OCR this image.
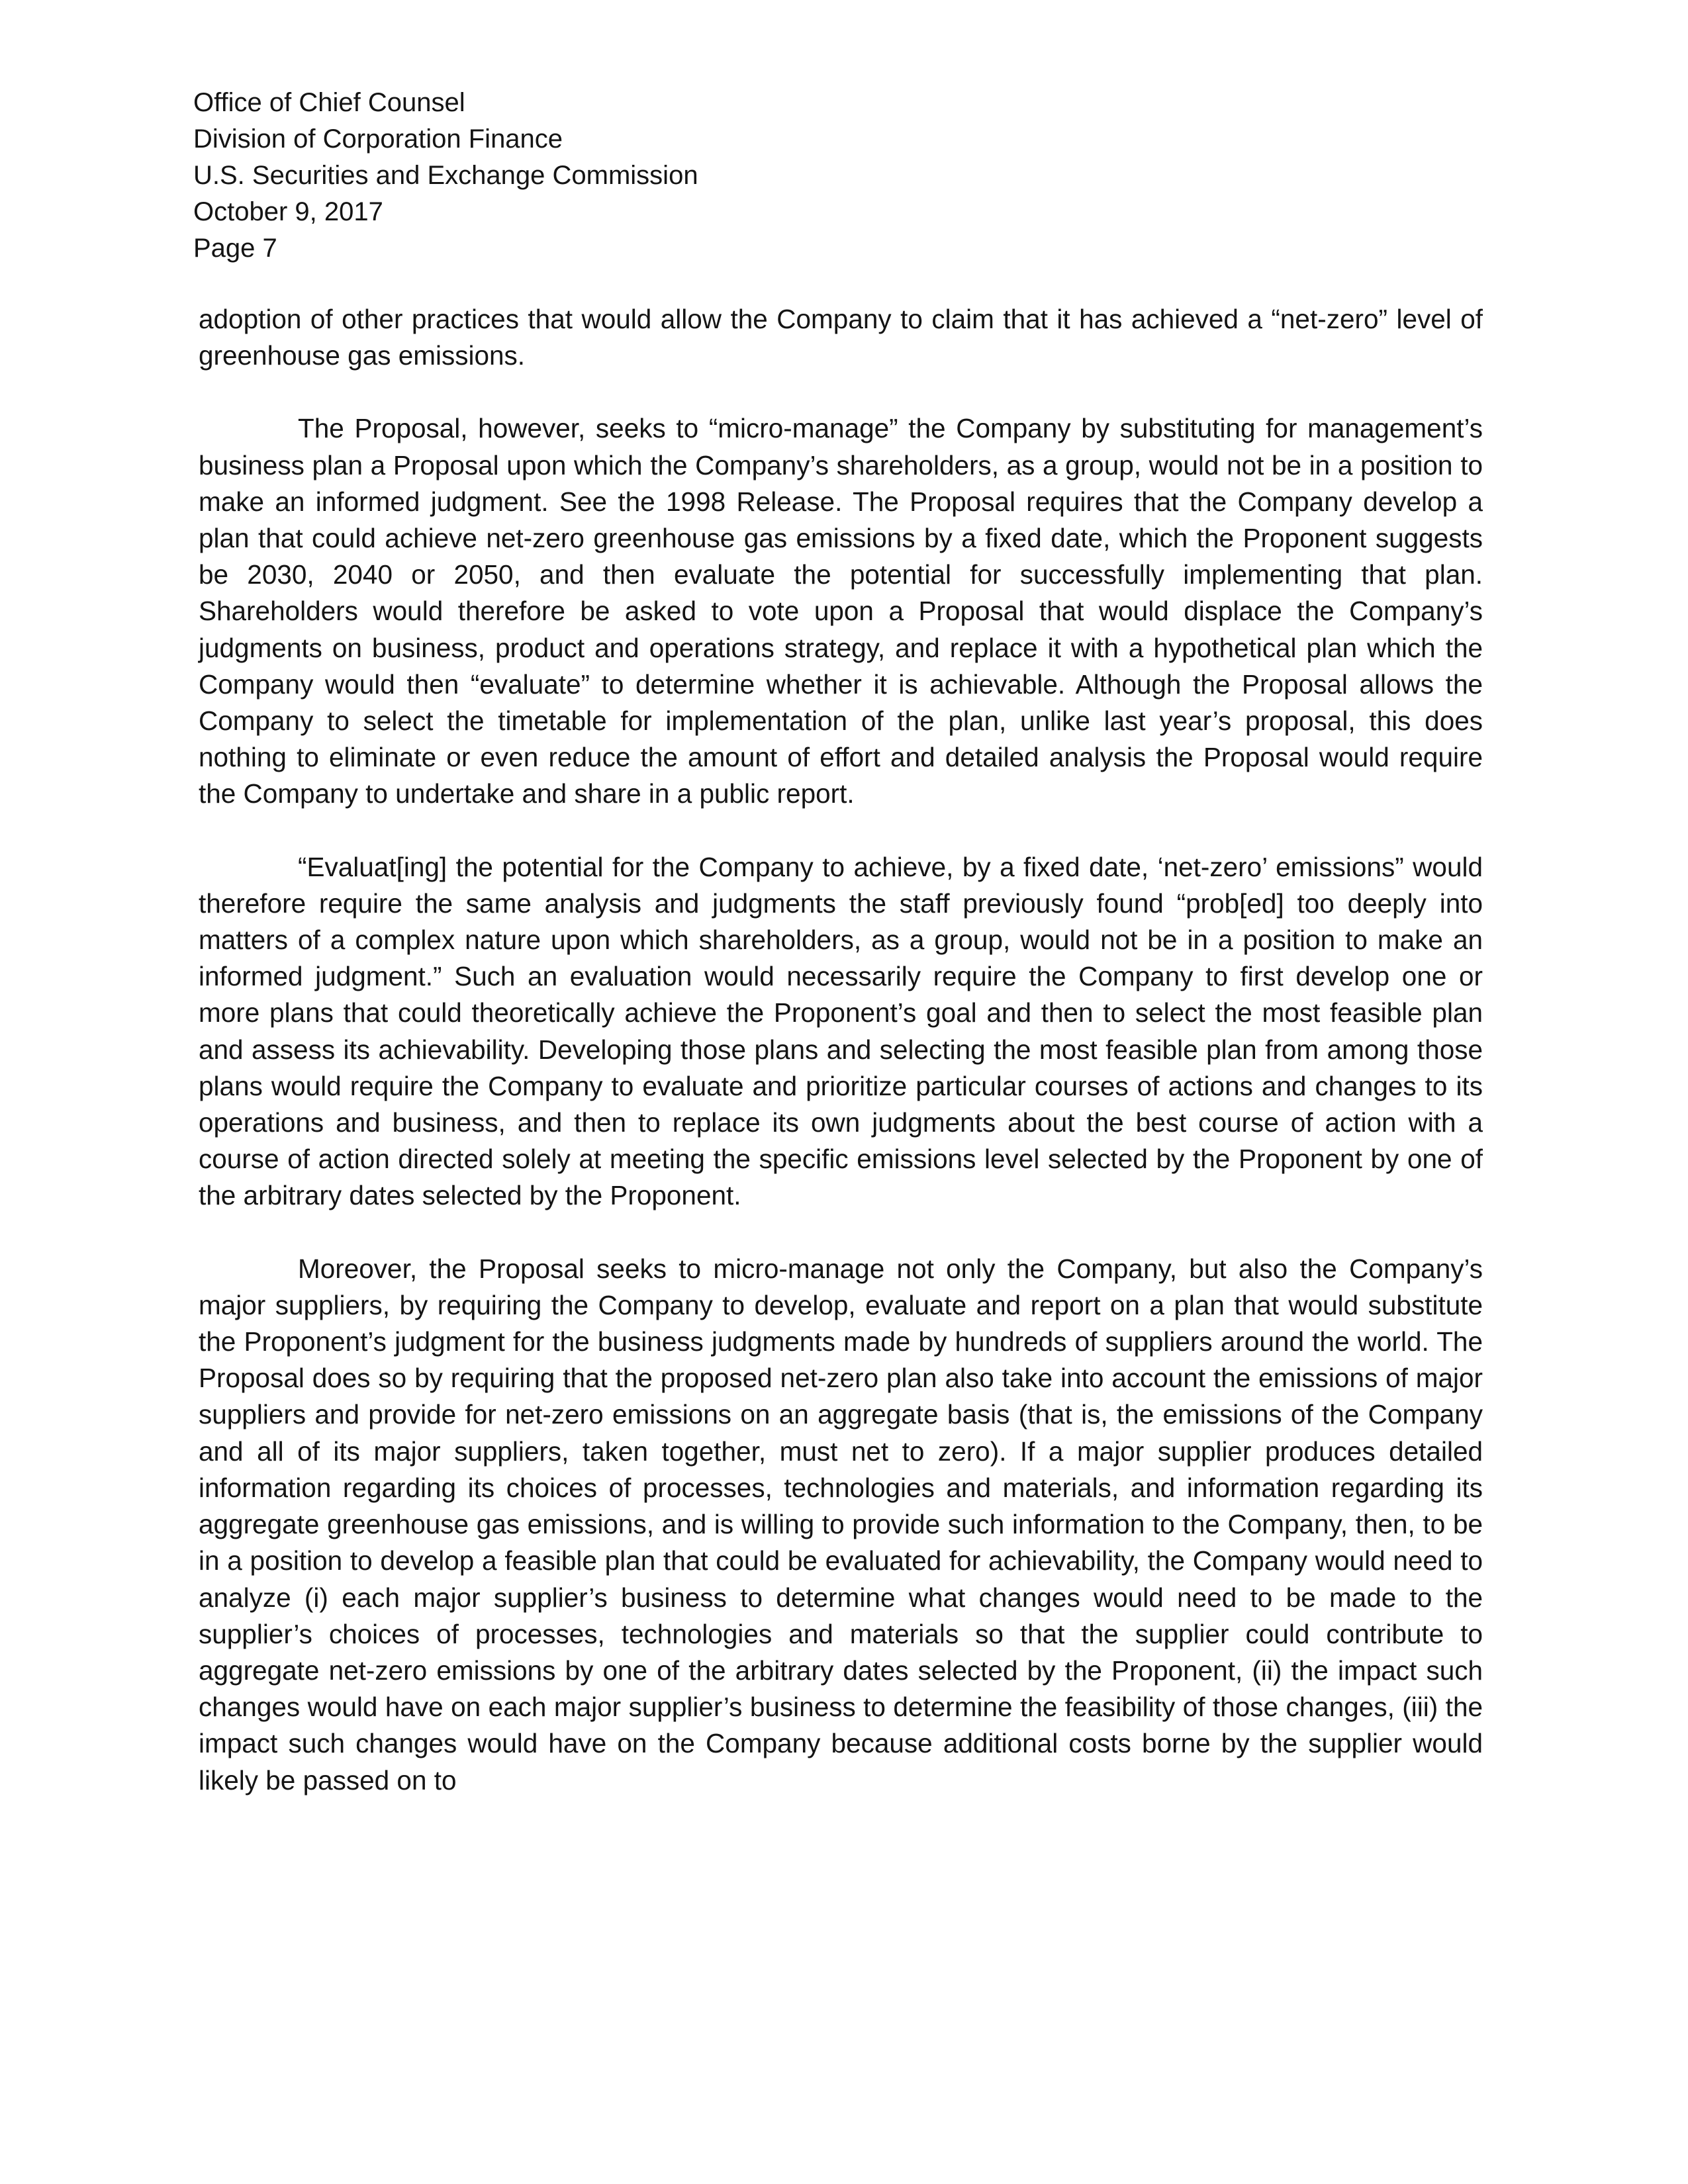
Office of Chief Counsel
Division of Corporation Finance
U.S. Securities and Exchange Commission
October 9, 2017
Page 7

adoption of other practices that would allow the Company to claim that it has achieved a “net-zero” level of greenhouse gas emissions.

The Proposal, however, seeks to “micro-manage” the Company by substituting for management’s business plan a Proposal upon which the Company’s shareholders, as a group, would not be in a position to make an informed judgment. See the 1998 Release. The Proposal requires that the Company develop a plan that could achieve net-zero greenhouse gas emissions by a fixed date, which the Proponent suggests be 2030, 2040 or 2050, and then evaluate the potential for successfully implementing that plan. Shareholders would therefore be asked to vote upon a Proposal that would displace the Company’s judgments on business, product and operations strategy, and replace it with a hypothetical plan which the Company would then “evaluate” to determine whether it is achievable. Although the Proposal allows the Company to select the timetable for implementation of the plan, unlike last year’s proposal, this does nothing to eliminate or even reduce the amount of effort and detailed analysis the Proposal would require the Company to undertake and share in a public report.

“Evaluat[ing] the potential for the Company to achieve, by a fixed date, ‘net-zero’ emissions” would therefore require the same analysis and judgments the staff previously found “prob[ed] too deeply into matters of a complex nature upon which shareholders, as a group, would not be in a position to make an informed judgment.” Such an evaluation would necessarily require the Company to first develop one or more plans that could theoretically achieve the Proponent’s goal and then to select the most feasible plan and assess its achievability. Developing those plans and selecting the most feasible plan from among those plans would require the Company to evaluate and prioritize particular courses of actions and changes to its operations and business, and then to replace its own judgments about the best course of action with a course of action directed solely at meeting the specific emissions level selected by the Proponent by one of the arbitrary dates selected by the Proponent.

Moreover, the Proposal seeks to micro-manage not only the Company, but also the Company’s major suppliers, by requiring the Company to develop, evaluate and report on a plan that would substitute the Proponent’s judgment for the business judgments made by hundreds of suppliers around the world. The Proposal does so by requiring that the proposed net-zero plan also take into account the emissions of major suppliers and provide for net-zero emissions on an aggregate basis (that is, the emissions of the Company and all of its major suppliers, taken together, must net to zero). If a major supplier produces detailed information regarding its choices of processes, technologies and materials, and information regarding its aggregate greenhouse gas emissions, and is willing to provide such information to the Company, then, to be in a position to develop a feasible plan that could be evaluated for achievability, the Company would need to analyze (i) each major supplier’s business to determine what changes would need to be made to the supplier’s choices of processes, technologies and materials so that the supplier could contribute to aggregate net-zero emissions by one of the arbitrary dates selected by the Proponent, (ii) the impact such changes would have on each major supplier’s business to determine the feasibility of those changes, (iii) the impact such changes would have on the Company because additional costs borne by the supplier would likely be passed on to
